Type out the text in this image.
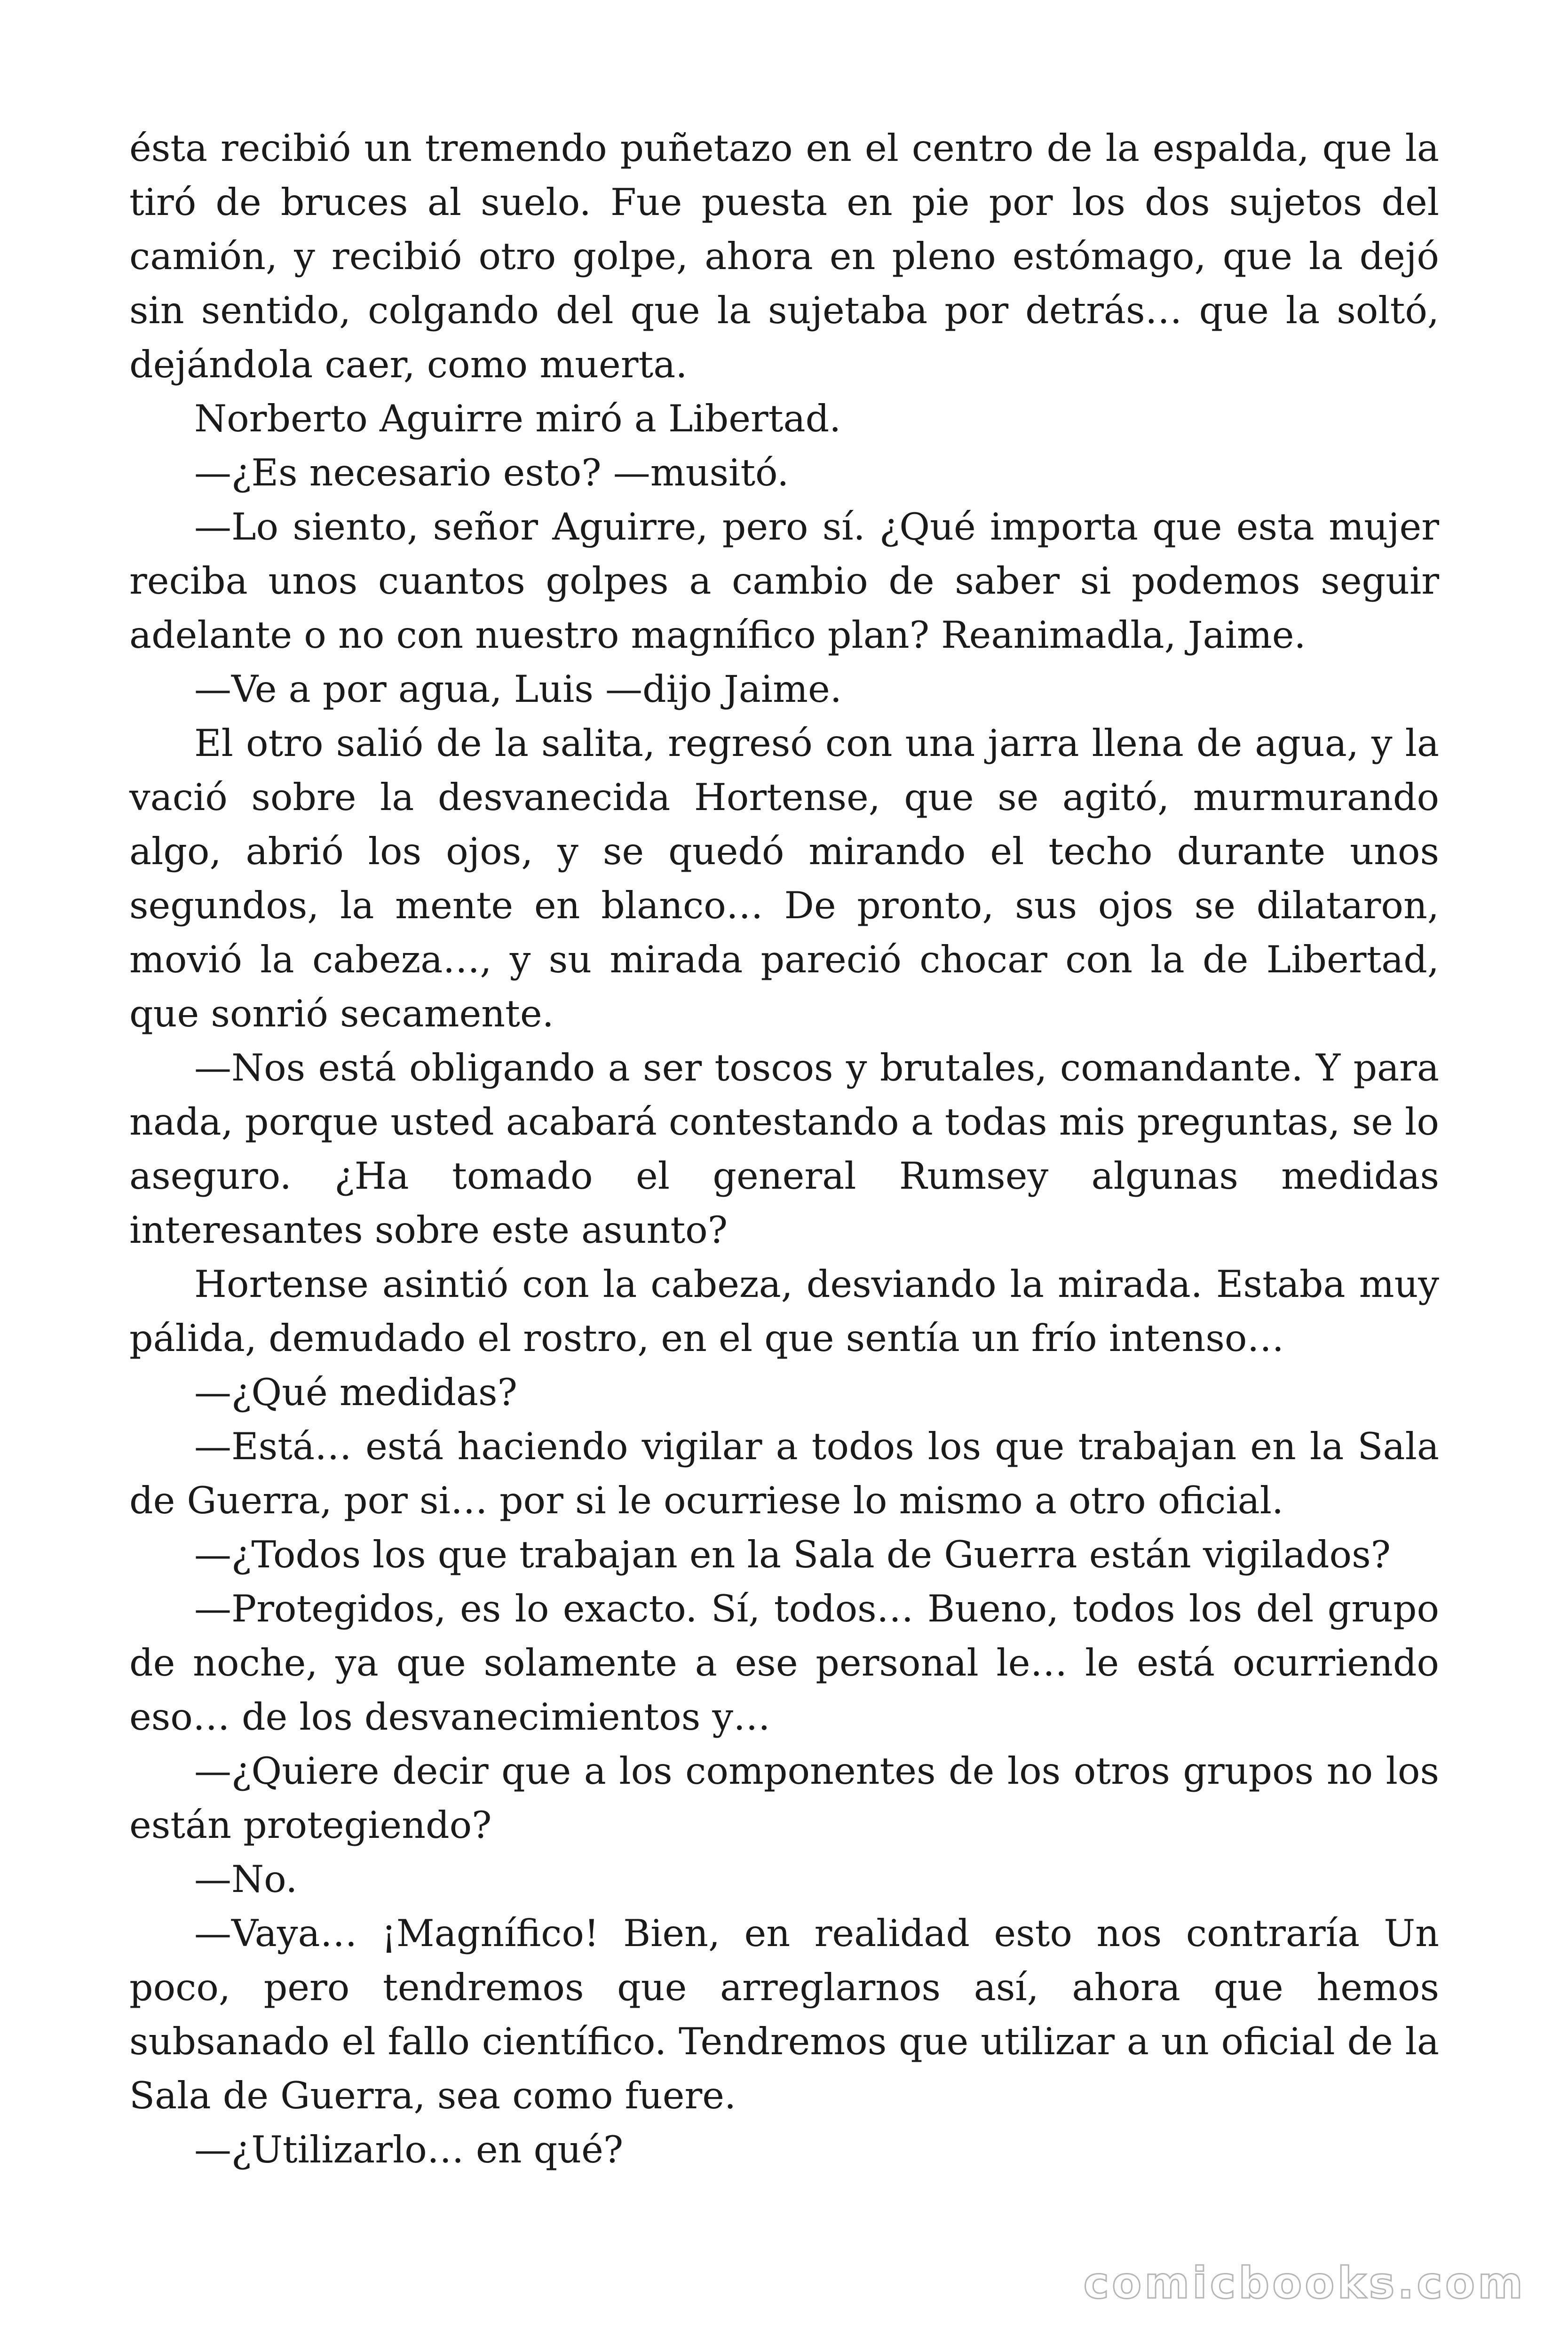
ésta recibió un tremendo puñetazo en el centro de la espalda, que la tiró de bruces al suelo. Fue puesta en pie por los dos sujetos del camión, y recibió otro golpe, ahora en pleno estómago, que la dejó sin sentido, colgando del que la sujetaba por detrás… que la soltó, dejándola caer, como muerta.

Norberto Aguirre miró a Libertad.

—¿Es necesario esto? —musitó.

—Lo siento, señor Aguirre, pero sí. ¿Qué importa que esta mujer reciba unos cuantos golpes a cambio de saber si podemos seguir adelante o no con nuestro magnífico plan? Reanimadla, Jaime.

—Ve a por agua, Luis —dijo Jaime.

El otro salió de la salita, regresó con una jarra llena de agua, y la vació sobre la desvanecida Hortense, que se agitó, murmurando algo, abrió los ojos, y se quedó mirando el techo durante unos segundos, la mente en blanco… De pronto, sus ojos se dilataron, movió la cabeza…, y su mirada pareció chocar con la de Libertad, que sonrió secamente.

—Nos está obligando a ser toscos y brutales, comandante. Y para nada, porque usted acabará contestando a todas mis preguntas, se lo aseguro. ¿Ha tomado el general Rumsey algunas medidas interesantes sobre este asunto?

Hortense asintió con la cabeza, desviando la mirada. Estaba muy pálida, demudado el rostro, en el que sentía un frío intenso…

—¿Qué medidas?

—Está… está haciendo vigilar a todos los que trabajan en la Sala de Guerra, por si… por si le ocurriese lo mismo a otro oficial.

—¿Todos los que trabajan en la Sala de Guerra están vigilados?

—Protegidos, es lo exacto. Sí, todos… Bueno, todos los del grupo de noche, ya que solamente a ese personal le… le está ocurriendo eso… de los desvanecimientos y…

—¿Quiere decir que a los componentes de los otros grupos no los están protegiendo?

—No.

—Vaya… ¡Magnífico! Bien, en realidad esto nos contraría Un poco, pero tendremos que arreglarnos así, ahora que hemos subsanado el fallo científico. Tendremos que utilizar a un oficial de la Sala de Guerra, sea como fuere.

—¿Utilizarlo… en qué?

comicbooks.com
